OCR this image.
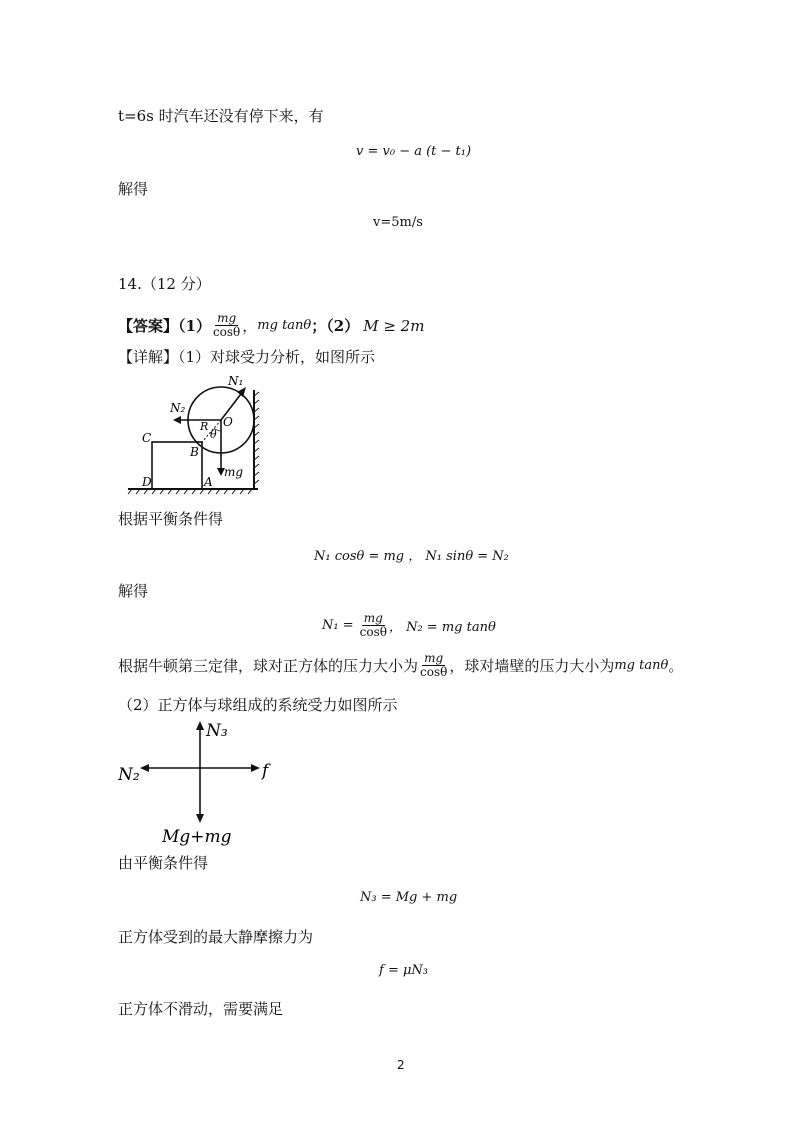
t=6s 时汽车还没有停下来，有
v = v₀ − a (t − t₁)
解得
v=5m/s
14.（12 分）
【答案】$(1) \frac{mg}{\cos\theta}$ ， mg tanθ ；（2） M ≥ 2m
【详解】（1）对球受力分析，如图所示
N₁
N₂
O
R
θ
C
B
D	A
mg
根据平衡条件得
N₁ cosθ = mg ， N₁ sinθ = N₂
解得
$N_1 = \frac{mg}{\cos\theta}$ ， N₂ = mg tanθ
根据牛顿第三定律，球对正方体的压力大小为 $\frac{mg}{\cos\theta}$ ，球对墙壁的压力大小为 mg tanθ 。
（2）正方体与球组成的系统受力如图所示
N₃
N₂	f
Mg+mg
由平衡条件得
N₃ = Mg + mg
正方体受到的最大静摩擦力为
f = μN₃
正方体不滑动，需要满足
2
